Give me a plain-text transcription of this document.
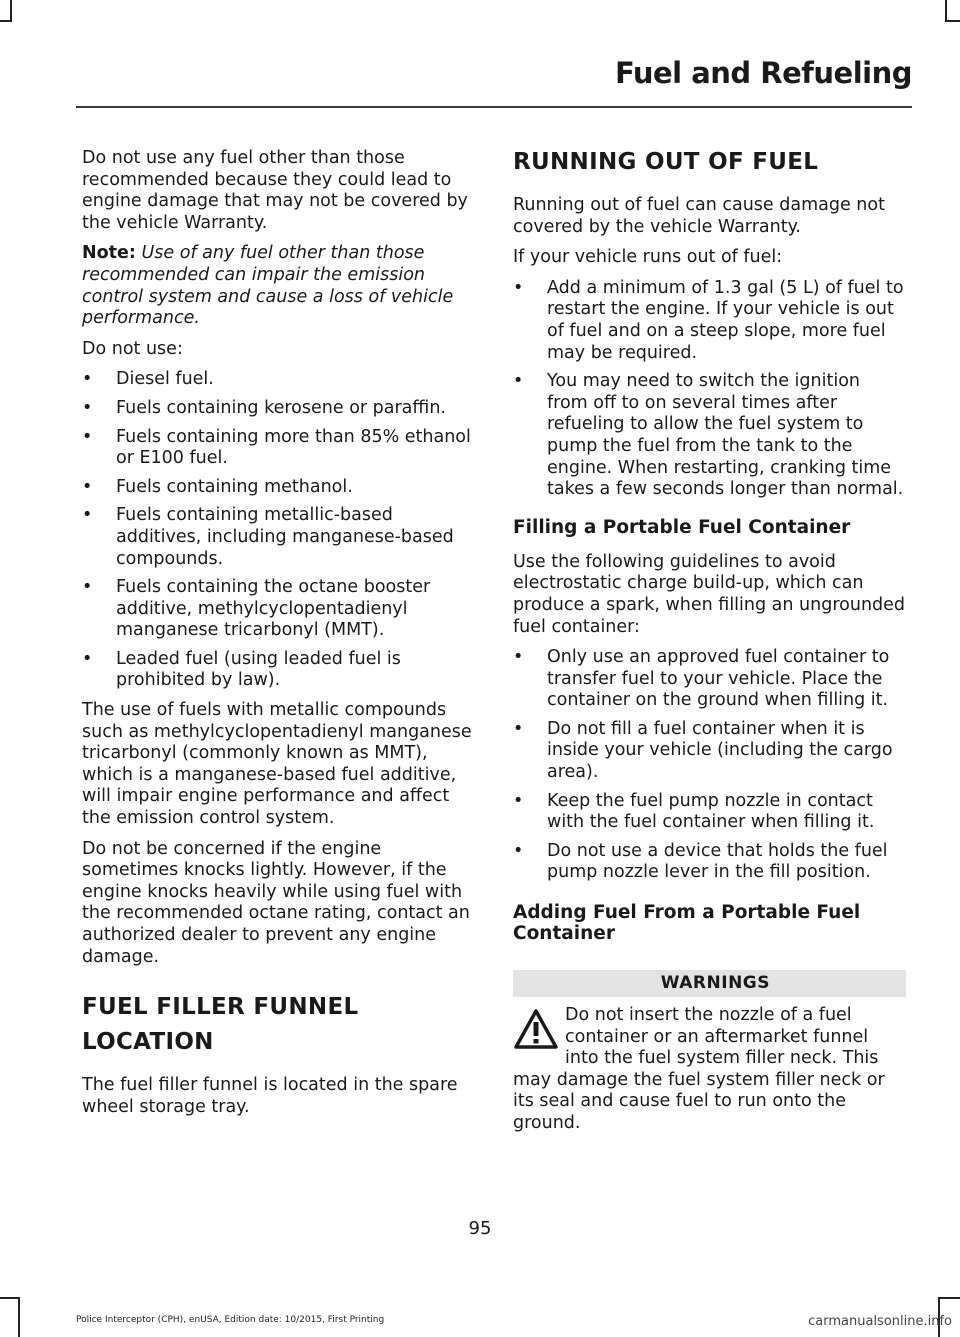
Fuel and Refueling

Do not use any fuel other than those recommended because they could lead to engine damage that may not be covered by the vehicle Warranty.

Note: Use of any fuel other than those recommended can impair the emission control system and cause a loss of vehicle performance.

Do not use:

• Diesel fuel.
• Fuels containing kerosene or paraffin.
• Fuels containing more than 85% ethanol or E100 fuel.
• Fuels containing methanol.
• Fuels containing metallic-based additives, including manganese-based compounds.
• Fuels containing the octane booster additive, methylcyclopentadienyl manganese tricarbonyl (MMT).
• Leaded fuel (using leaded fuel is prohibited by law).

The use of fuels with metallic compounds such as methylcyclopentadienyl manganese tricarbonyl (commonly known as MMT), which is a manganese-based fuel additive, will impair engine performance and affect the emission control system.

Do not be concerned if the engine sometimes knocks lightly. However, if the engine knocks heavily while using fuel with the recommended octane rating, contact an authorized dealer to prevent any engine damage.

FUEL FILLER FUNNEL
LOCATION

The fuel filler funnel is located in the spare wheel storage tray.

RUNNING OUT OF FUEL

Running out of fuel can cause damage not covered by the vehicle Warranty.

If your vehicle runs out of fuel:

• Add a minimum of 1.3 gal (5 L) of fuel to restart the engine. If your vehicle is out of fuel and on a steep slope, more fuel may be required.
• You may need to switch the ignition from off to on several times after refueling to allow the fuel system to pump the fuel from the tank to the engine. When restarting, cranking time takes a few seconds longer than normal.
Filling a Portable Fuel Container

Use the following guidelines to avoid electrostatic charge build-up, which can produce a spark, when filling an ungrounded fuel container:

• Only use an approved fuel container to transfer fuel to your vehicle. Place the container on the ground when filling it.
• Do not fill a fuel container when it is inside your vehicle (including the cargo area).
• Keep the fuel pump nozzle in contact with the fuel container when filling it.
• Do not use a device that holds the fuel pump nozzle lever in the fill position.
Adding Fuel From a Portable Fuel Container
WARNINGS
Do not insert the nozzle of a fuel container or an aftermarket funnel into the fuel system filler neck. This may damage the fuel system filler neck or its seal and cause fuel to run onto the ground.
95
Police Interceptor (CPH), enUSA, Edition date: 10/2015, First Printing	carmanualsonline.info
